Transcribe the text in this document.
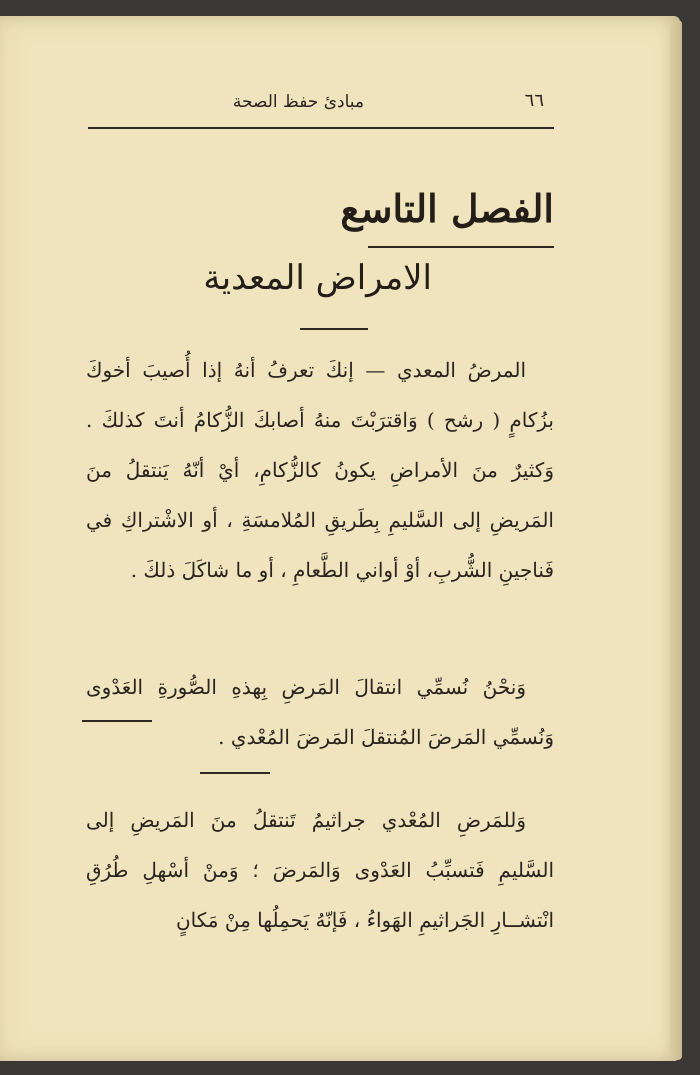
مبادئ حفظ الصحة	٦٦
الفصل التاسع
الامراض المعدية

المرضُ المعدي — إنكَ تعرفُ أنهُ إذا أُصيبَ أخوكَ بزُكامٍ ( رشح ) وَاقترَبْتَ منهُ أصابكَ الزُّكامُ أنتَ كذلكَ . وَكثيرٌ منَ الأمراضِ يكونُ كالزُّكامِ، أيْ أنّهُ يَنتقلُ منَ المَريضِ إلى السَّليمِ بِطَريقِ المُلامسَةِ ، أو الاشْتراكِ في فَناجينِ الشُّربِ، أوْ أواني الطَّعامِ ، أو ما شاكَلَ ذلكَ .

وَنحْنُ نُسمِّي انتقالَ المَرضِ بِهذهِ الصُّورةِ العَدْوى وَنُسمِّي المَرضَ المُنتقلَ المَرضَ المُعْدي .

وَللمَرضِ المُعْدي جراثيمُ تَنتقلُ منَ المَريضِ إلى السَّليمِ فَتسبِّبُ العَدْوى وَالمَرضَ ؛ وَمنْ أسْهلِ طُرُقِ انْتشــارِ الجَراثيمِ الهَواءُ ، فَإنّهُ يَحمِلُها مِنْ مَكانٍ
